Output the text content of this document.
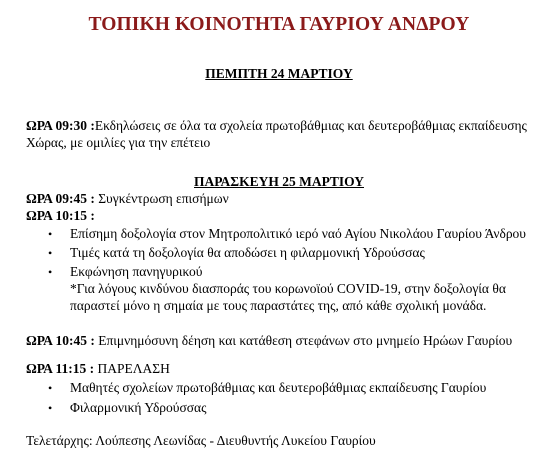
ΤΟΠΙΚΗ ΚΟΙΝΟΤΗΤΑ ΓΑΥΡΙΟΥ ΑΝΔΡΟΥ
ΠΕΜΠΤΗ 24 ΜΑΡΤΙΟΥ
ΩΡΑ 09:30 :Εκδηλώσεις σε όλα τα σχολεία πρωτοβάθμιας και δευτεροβάθμιας εκπαίδευσης
Χώρας, με ομιλίες για την επέτειο
ΠΑΡΑΣΚΕΥΗ 25 ΜΑΡΤΙΟΥ
ΩΡΑ 09:45 : Συγκέντρωση επισήμων
ΩΡΑ 10:15 :
• Επίσημη δοξολογία στον Μητροπολιτικό ιερό ναό Αγίου Νικολάου Γαυρίου Άνδρου
• Τιμές κατά τη δοξολογία θα αποδώσει η φιλαρμονική Υδρούσσας
• Εκφώνηση πανηγυρικού
*Για λόγους κινδύνου διασποράς του κορωνοϊού COVID-19, στην δοξολογία θα
παραστεί μόνο η σημαία με τους παραστάτες της, από κάθε σχολική μονάδα.
ΩΡΑ 10:45 : Επιμνημόσυνη δέηση και κατάθεση στεφάνων στο μνημείο Ηρώων Γαυρίου
ΩΡΑ 11:15 : ΠΑΡΕΛΑΣΗ
• Μαθητές σχολείων πρωτοβάθμιας και δευτεροβάθμιας εκπαίδευσης Γαυρίου
• Φιλαρμονική Υδρούσσας
Τελετάρχης: Λούπεσης Λεωνίδας - Διευθυντής Λυκείου Γαυρίου
